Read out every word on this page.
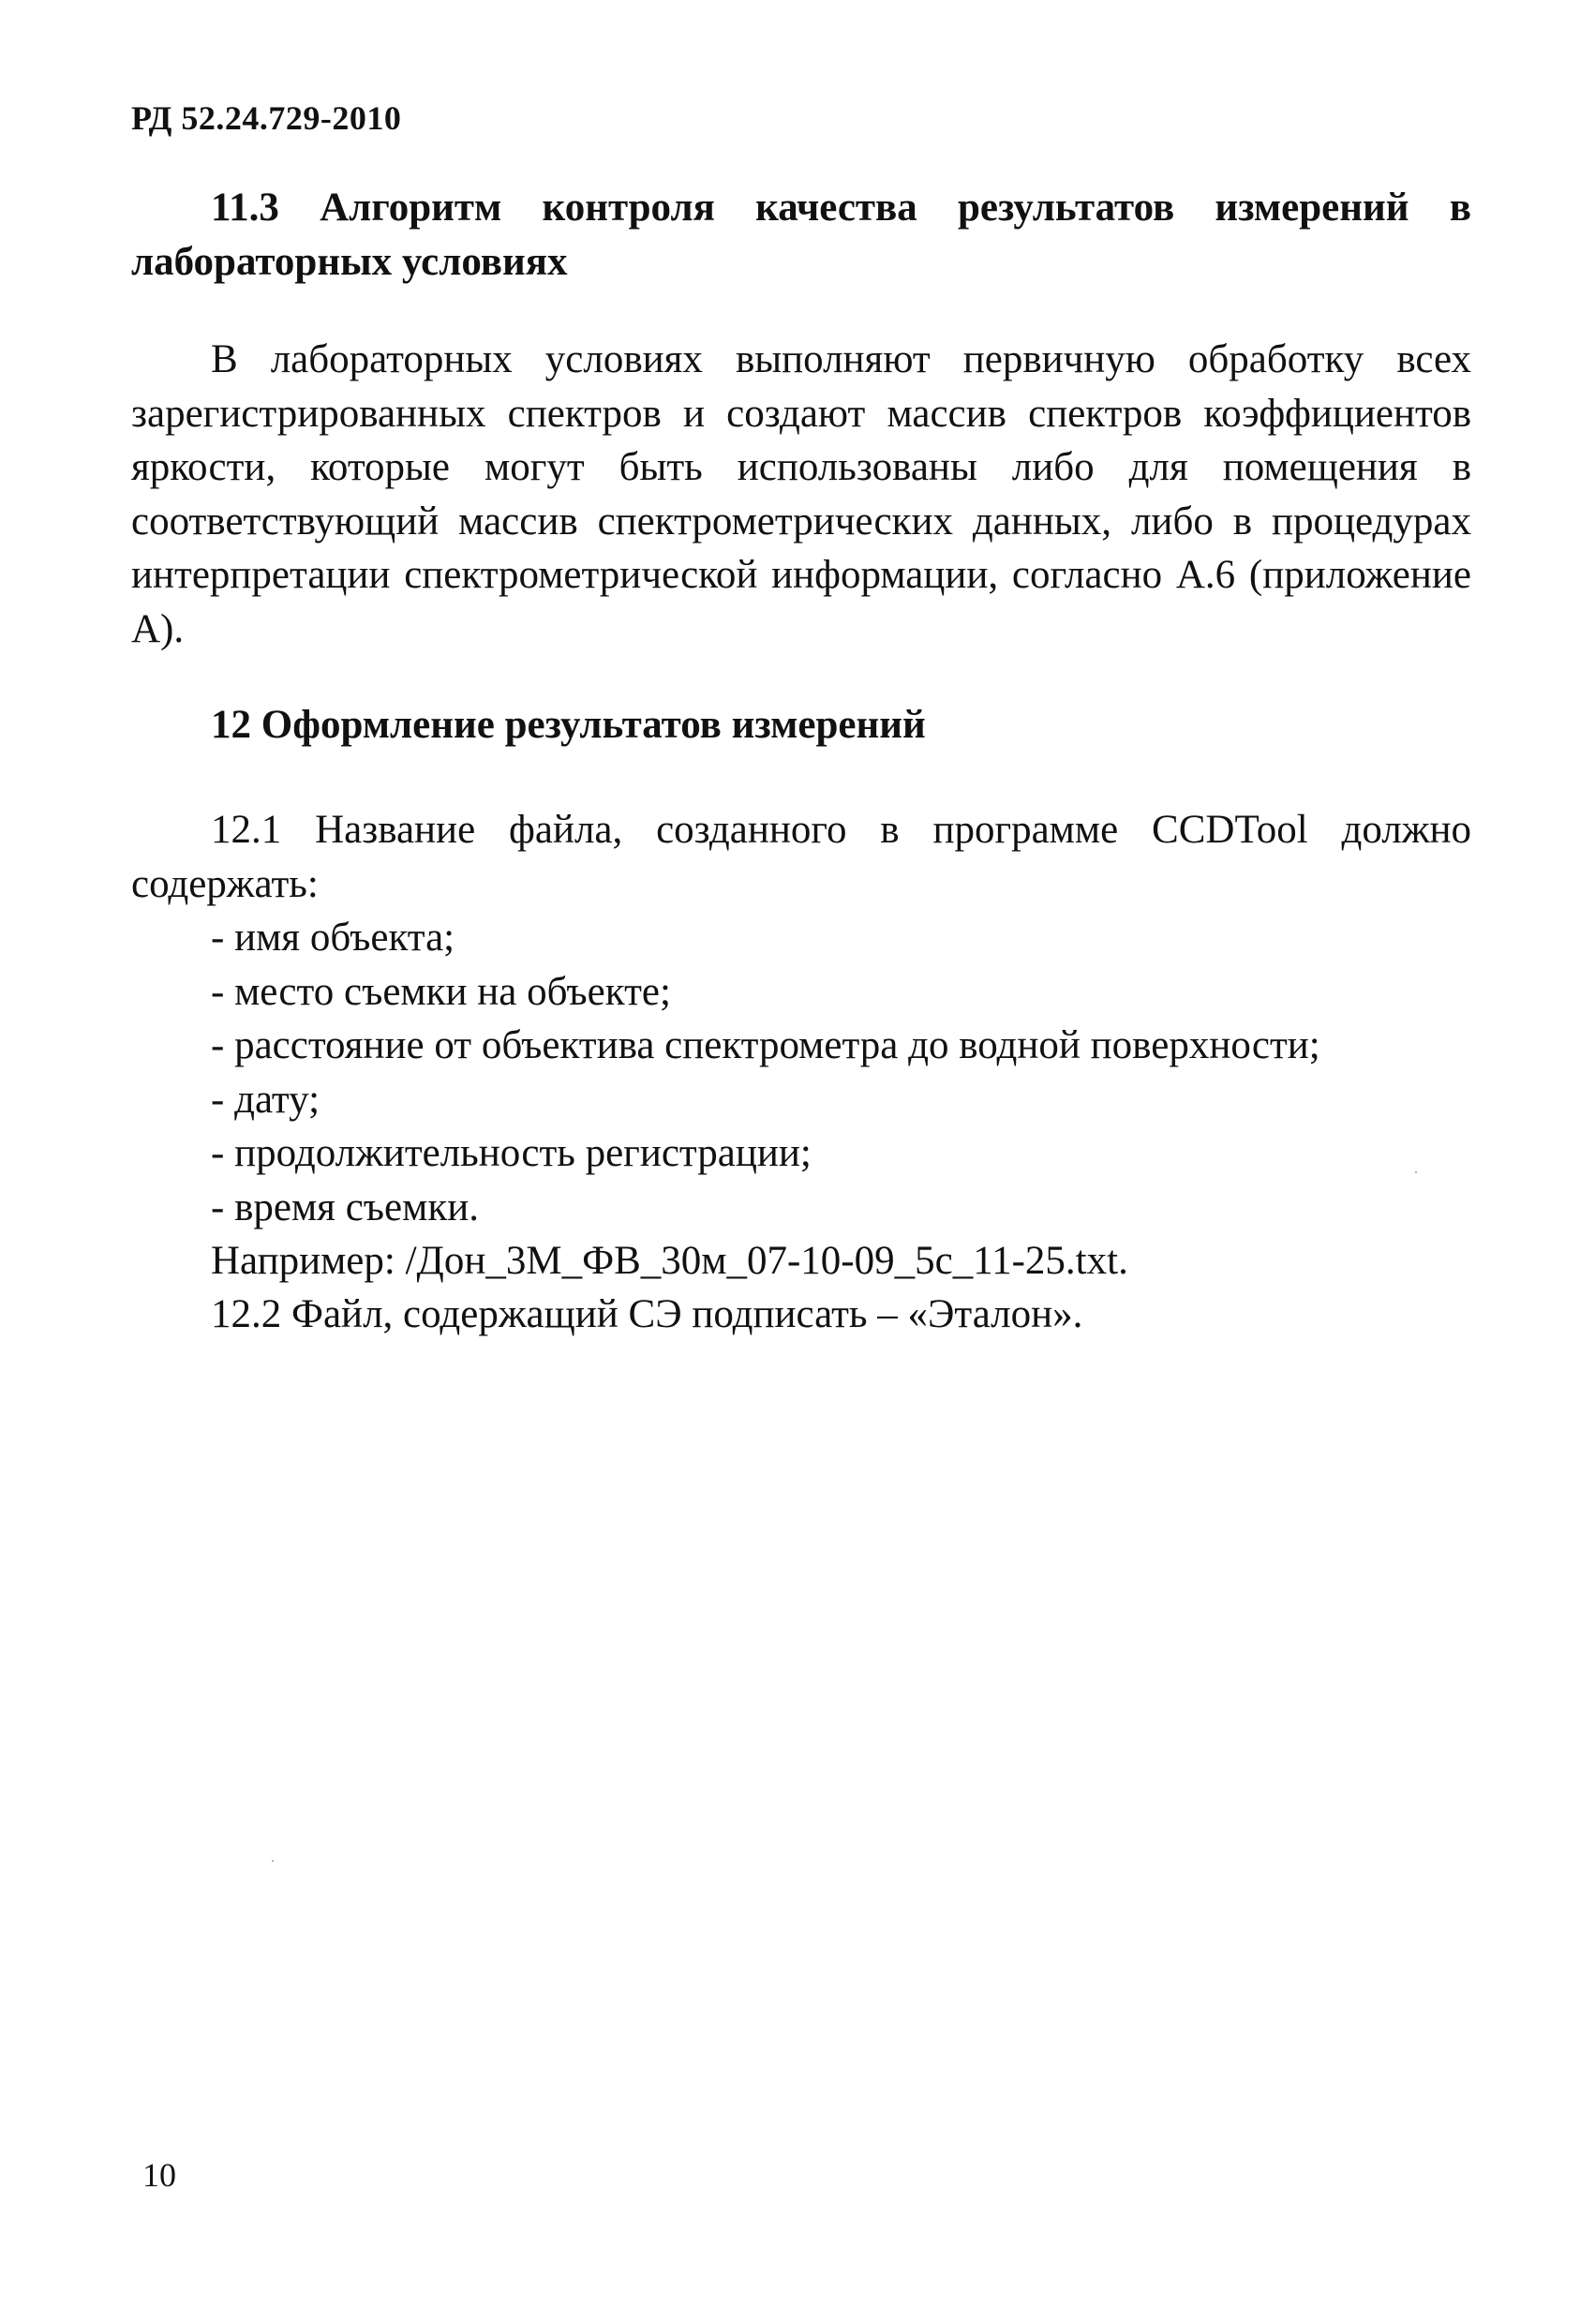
РД 52.24.729-2010
11.3 Алгоритм контроля качества результатов измерений в лабораторных условиях

В лабораторных условиях выполняют первичную обработку всех зарегистрированных спектров и создают массив спектров коэффициентов яркости, которые могут быть использованы либо для помещения в соответствующий массив спектрометрических данных, либо в процедурах интерпретации спектрометрической информации, согласно А.6 (приложение А).

12 Оформление результатов измерений

12.1 Название файла, созданного в программе CCDTool должно содержать:

- имя объекта;
- место съемки на объекте;
- расстояние от объектива спектрометра до водной поверхности;
- дату;
- продолжительность регистрации;
- время съемки.

Например: /Дон_3М_ФВ_30м_07-10-09_5с_11-25.txt.

12.2 Файл, содержащий СЭ подписать – «Эталон».

10
